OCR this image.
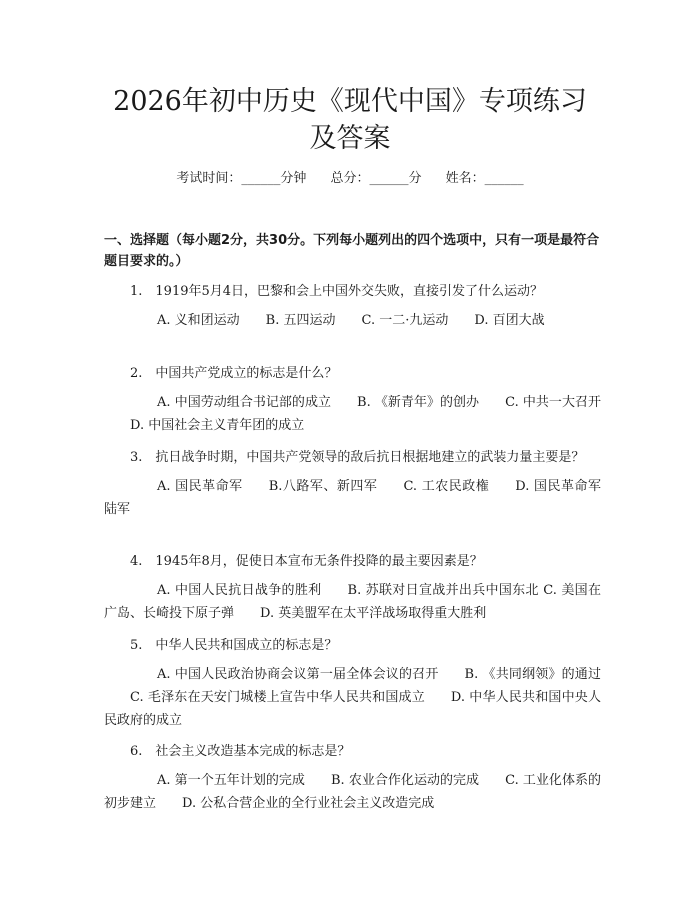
2026年初中历史《现代中国》专项练习及答案
考试时间：______分钟 总分：______分 姓名：______

一、选择题（每小题2分，共30分。下列每小题列出的四个选项中，只有一项是最符合题目要求的。）

1.　1919年5月4日，巴黎和会上中国外交失败，直接引发了什么运动？

A. 义和团运动 B. 五四运动 C. 一二·九运动 D. 百团大战

2.　中国共产党成立的标志是什么？

A. 中国劳动组合书记部的成立 B. 《新青年》的创办 C. 中共一大召开D. 中国社会主义青年团的成立

3.　抗日战争时期，中国共产党领导的敌后抗日根据地建立的武装力量主要是？

A. 国民革命军 B.八路军、新四军 C. 工农民政権 D. 国民革命军陆军

4.　1945年8月，促使日本宣布无条件投降的最主要因素是？

A. 中国人民抗日战争的胜利 B. 苏联对日宣战并出兵中国东北 C. 美国在广岛、长崎投下原子弹 D. 英美盟军在太平洋战场取得重大胜利

5.　中华人民共和国成立的标志是？

A. 中国人民政治协商会议第一届全体会议的召开 B. 《共同纲领》的通过C. 毛泽东在天安门城楼上宣告中华人民共和国成立 D. 中华人民共和国中央人民政府的成立

6.　社会主义改造基本完成的标志是？

A. 第一个五年计划的完成 B. 农业合作化运动的完成 C. 工业化体系的初步建立 D. 公私合营企业的全行业社会主义改造完成
